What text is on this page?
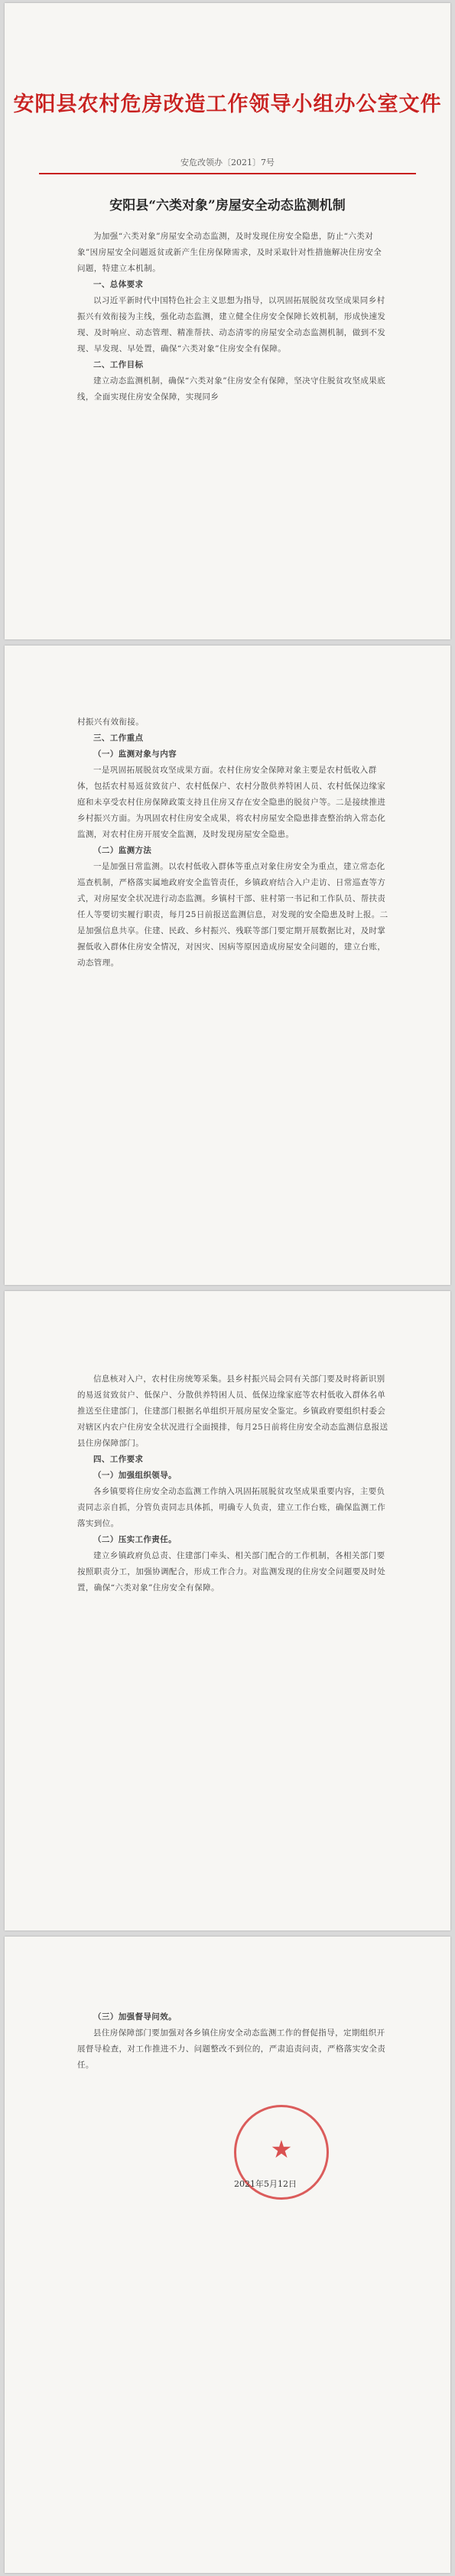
安阳县农村危房改造工作领导小组办公室文件
安危改领办〔2021〕7号
安阳县“六类对象”房屋安全动态监测机制

为加强“六类对象”房屋安全动态监测，及时发现住房安全隐患，防止“六类对象”因房屋安全问题返贫或新产生住房保障需求，及时采取针对性措施解决住房安全问题，特建立本机制。

一、总体要求

以习近平新时代中国特色社会主义思想为指导，以巩固拓展脱贫攻坚成果同乡村振兴有效衔接为主线，强化动态监测，建立健全住房安全保障长效机制，形成快速发现、及时响应、动态管理、精准帮扶、动态清零的房屋安全动态监测机制，做到不发现、早发现、早处置，确保“六类对象”住房安全有保障。

二、工作目标

建立动态监测机制，确保“六类对象”住房安全有保障，坚决守住脱贫攻坚成果底线，全面实现住房安全保障，实现同乡

村振兴有效衔接。

三、工作重点

（一）监测对象与内容

一是巩固拓展脱贫攻坚成果方面。农村住房安全保障对象主要是农村低收入群体，包括农村易返贫致贫户、农村低保户、农村分散供养特困人员、农村低保边缘家庭和未享受农村住房保障政策支持且住房又存在安全隐患的脱贫户等。二是接续推进乡村振兴方面。为巩固农村住房安全成果，将农村房屋安全隐患排查整治纳入常态化监测，对农村住房开展安全监测，及时发现房屋安全隐患。

（二）监测方法

一是加强日常监测。以农村低收入群体等重点对象住房安全为重点，建立常态化巡查机制，严格落实属地政府安全监管责任，乡镇政府结合入户走访、日常巡查等方式，对房屋安全状况进行动态监测。乡镇村干部、驻村第一书记和工作队员、帮扶责任人等要切实履行职责，每月25日前报送监测信息，对发现的安全隐患及时上报。二是加强信息共享。住建、民政、乡村振兴、残联等部门要定期开展数据比对，及时掌握低收入群体住房安全情况，对因灾、因病等原因造成房屋安全问题的，建立台账，动态管理。

信息核对入户，农村住房统筹采集。县乡村振兴局会同有关部门要及时将新识别的易返贫致贫户、低保户、分散供养特困人员、低保边缘家庭等农村低收入群体名单推送至住建部门，住建部门根据名单组织开展房屋安全鉴定。乡镇政府要组织村委会对辖区内农户住房安全状况进行全面摸排，每月25日前将住房安全动态监测信息报送县住房保障部门。

四、工作要求

（一）加强组织领导。

各乡镇要将住房安全动态监测工作纳入巩固拓展脱贫攻坚成果重要内容，主要负责同志亲自抓，分管负责同志具体抓，明确专人负责，建立工作台账，确保监测工作落实到位。

（二）压实工作责任。

建立乡镇政府负总责、住建部门牵头、相关部门配合的工作机制，各相关部门要按照职责分工，加强协调配合，形成工作合力。对监测发现的住房安全问题要及时处置，确保“六类对象”住房安全有保障。

（三）加强督导问效。

县住房保障部门要加强对各乡镇住房安全动态监测工作的督促指导，定期组织开展督导检查，对工作推进不力、问题整改不到位的，严肃追责问责，严格落实安全责任。

★
2021年5月12日
